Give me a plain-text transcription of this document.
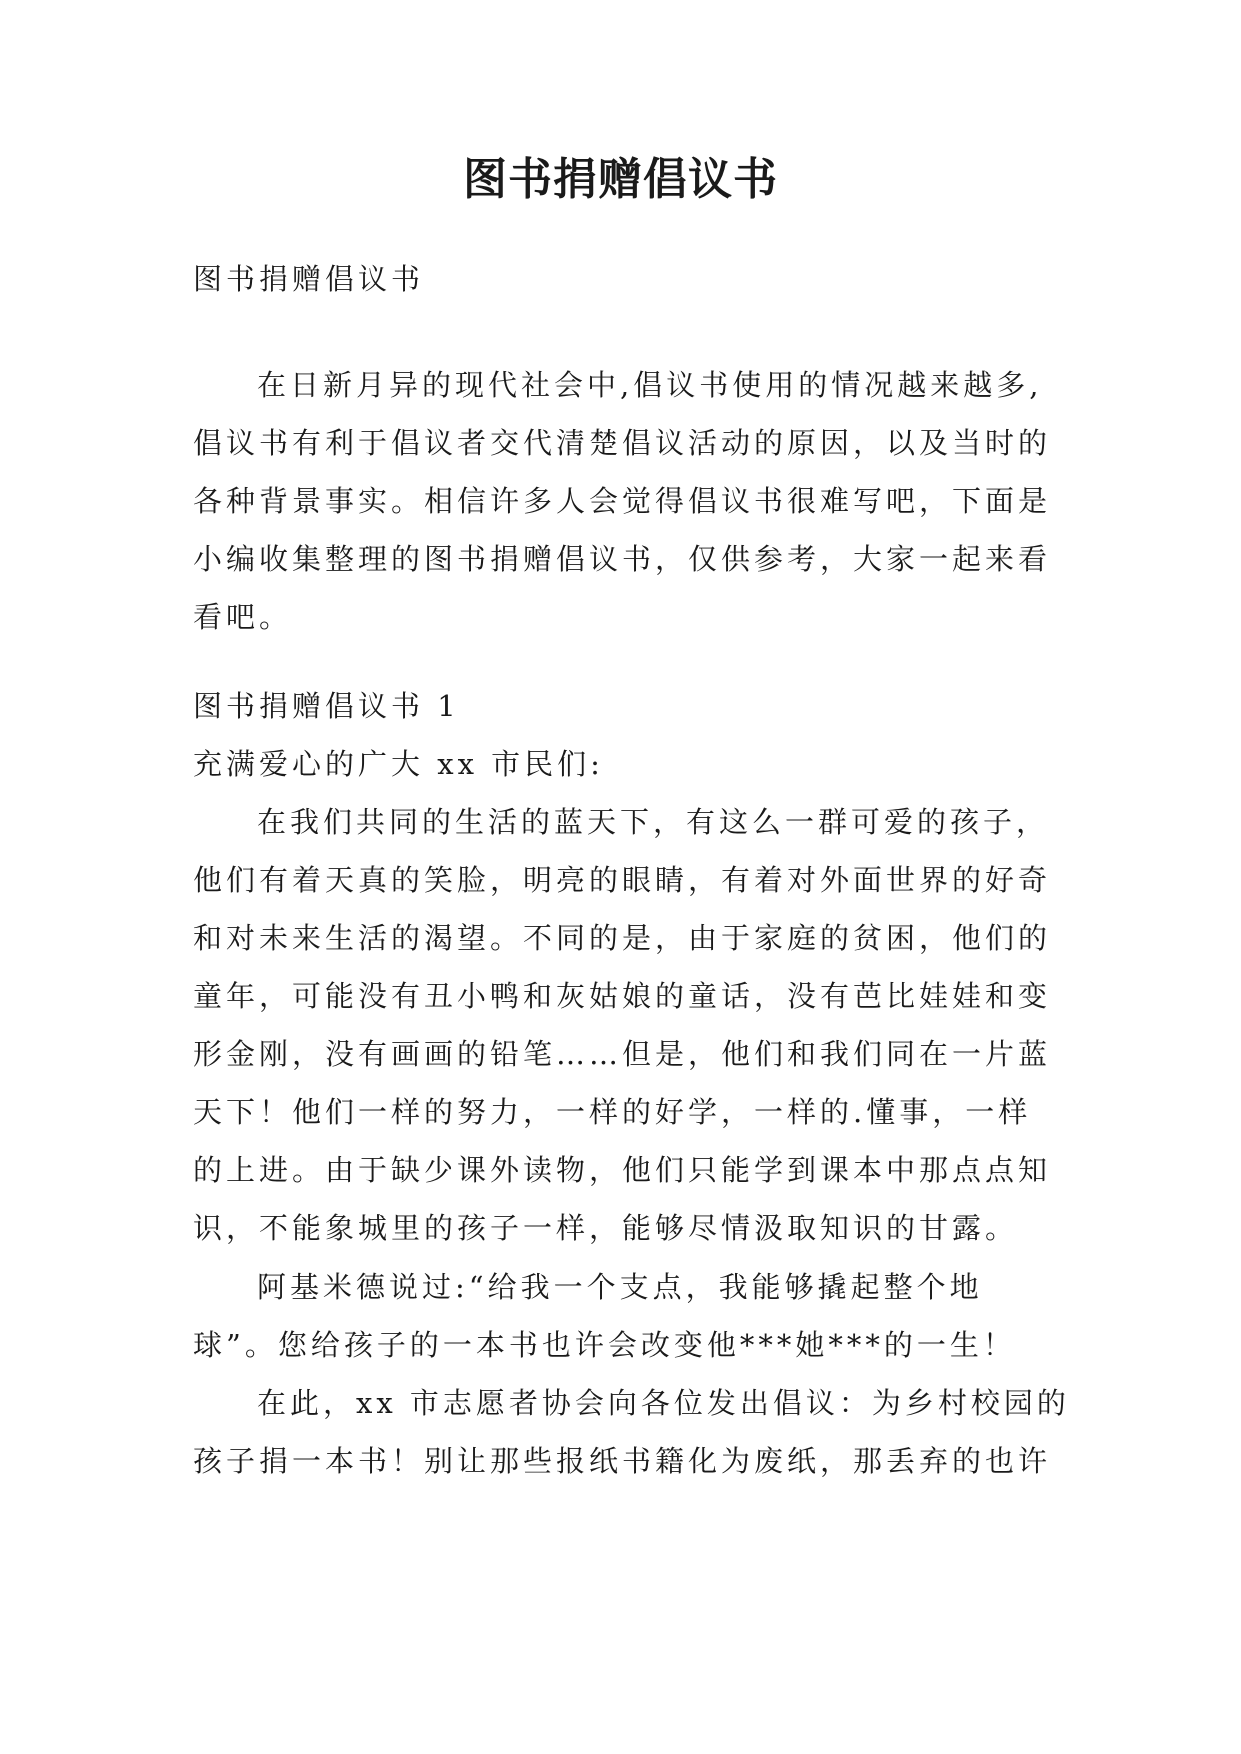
图书捐赠倡议书
图书捐赠倡议书
在日新月异的现代社会中,倡议书使用的情况越来越多,
倡议书有利于倡议者交代清楚倡议活动的原因，以及当时的
各种背景事实。相信许多人会觉得倡议书很难写吧，下面是
小编收集整理的图书捐赠倡议书，仅供参考，大家一起来看
看吧。
图书捐赠倡议书 1
充满爱心的广大 xx 市民们:
在我们共同的生活的蓝天下，有这么一群可爱的孩子，
他们有着天真的笑脸，明亮的眼睛，有着对外面世界的好奇
和对未来生活的渴望。不同的是，由于家庭的贫困，他们的
童年，可能没有丑小鸭和灰姑娘的童话，没有芭比娃娃和变
形金刚，没有画画的铅笔……但是，他们和我们同在一片蓝
天下！他们一样的努力，一样的好学，一样的.懂事，一样
的上进。由于缺少课外读物，他们只能学到课本中那点点知
识，不能象城里的孩子一样，能够尽情汲取知识的甘露。
阿基米德说过:“给我一个支点，我能够撬起整个地
球”。您给孩子的一本书也许会改变他***她***的一生！
在此，xx 市志愿者协会向各位发出倡议：为乡村校园的
孩子捐一本书！别让那些报纸书籍化为废纸，那丢弃的也许
